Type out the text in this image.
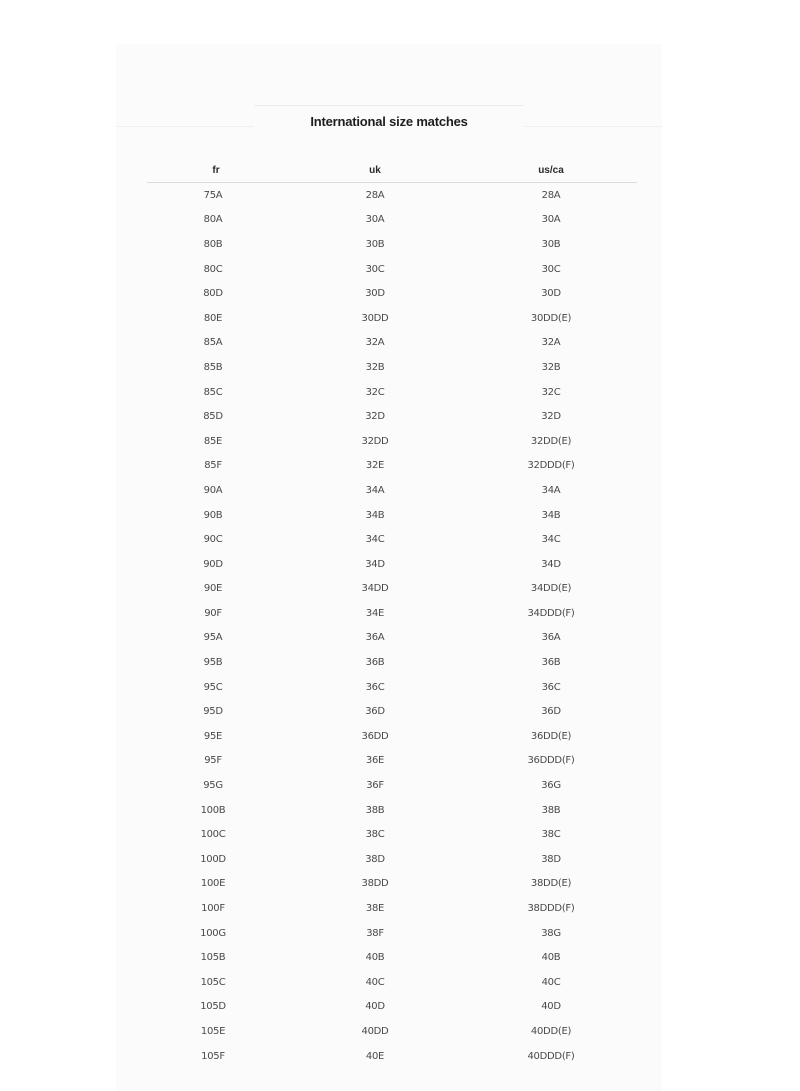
International size matches
fr	uk	us/ca
75A	28A	28A
80A	30A	30A
80B	30B	30B
80C	30C	30C
80D	30D	30D
80E	30DD	30DD(E)
85A	32A	32A
85B	32B	32B
85C	32C	32C
85D	32D	32D
85E	32DD	32DD(E)
85F	32E	32DDD(F)
90A	34A	34A
90B	34B	34B
90C	34C	34C
90D	34D	34D
90E	34DD	34DD(E)
90F	34E	34DDD(F)
95A	36A	36A
95B	36B	36B
95C	36C	36C
95D	36D	36D
95E	36DD	36DD(E)
95F	36E	36DDD(F)
95G	36F	36G
100B	38B	38B
100C	38C	38C
100D	38D	38D
100E	38DD	38DD(E)
100F	38E	38DDD(F)
100G	38F	38G
105B	40B	40B
105C	40C	40C
105D	40D	40D
105E	40DD	40DD(E)
105F	40E	40DDD(F)
